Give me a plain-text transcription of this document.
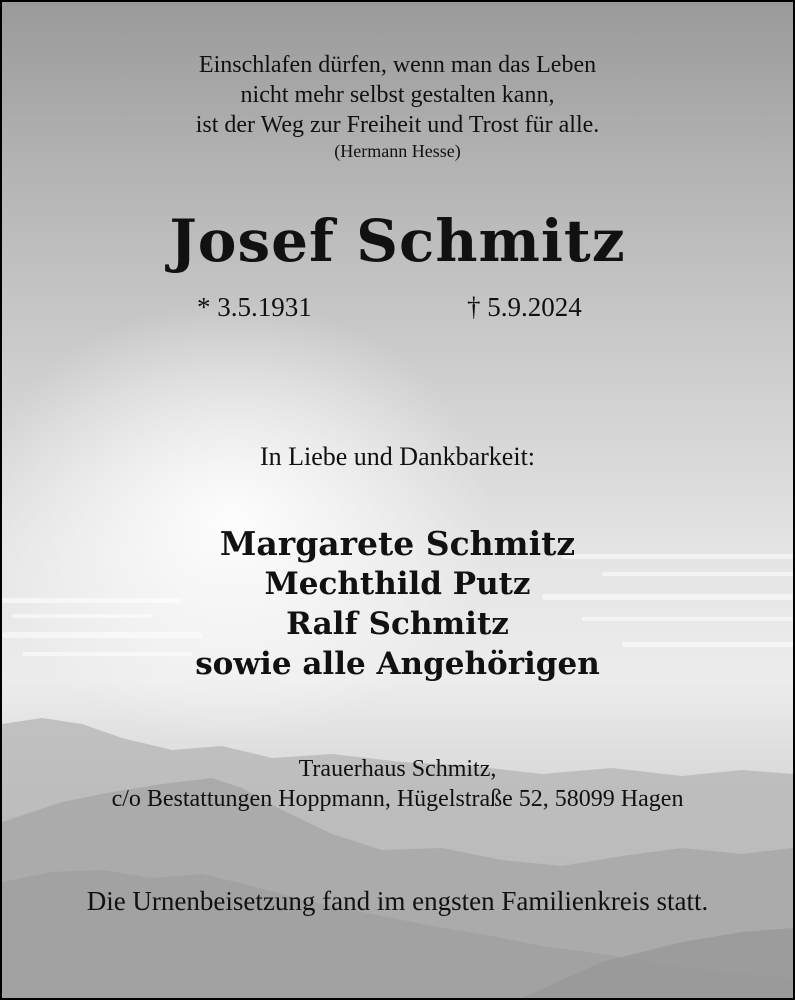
Einschlafen dürfen, wenn man das Leben
nicht mehr selbst gestalten kann,
ist der Weg zur Freiheit und Trost für alle.
(Hermann Hesse)
Josef Schmitz
* 3.5.1931	† 5.9.2024
In Liebe und Dankbarkeit:
Margarete Schmitz
Mechthild Putz
Ralf Schmitz
sowie alle Angehörigen
Trauerhaus Schmitz,
c/o Bestattungen Hoppmann, Hügelstraße 52, 58099 Hagen
Die Urnenbeisetzung fand im engsten Familienkreis statt.
